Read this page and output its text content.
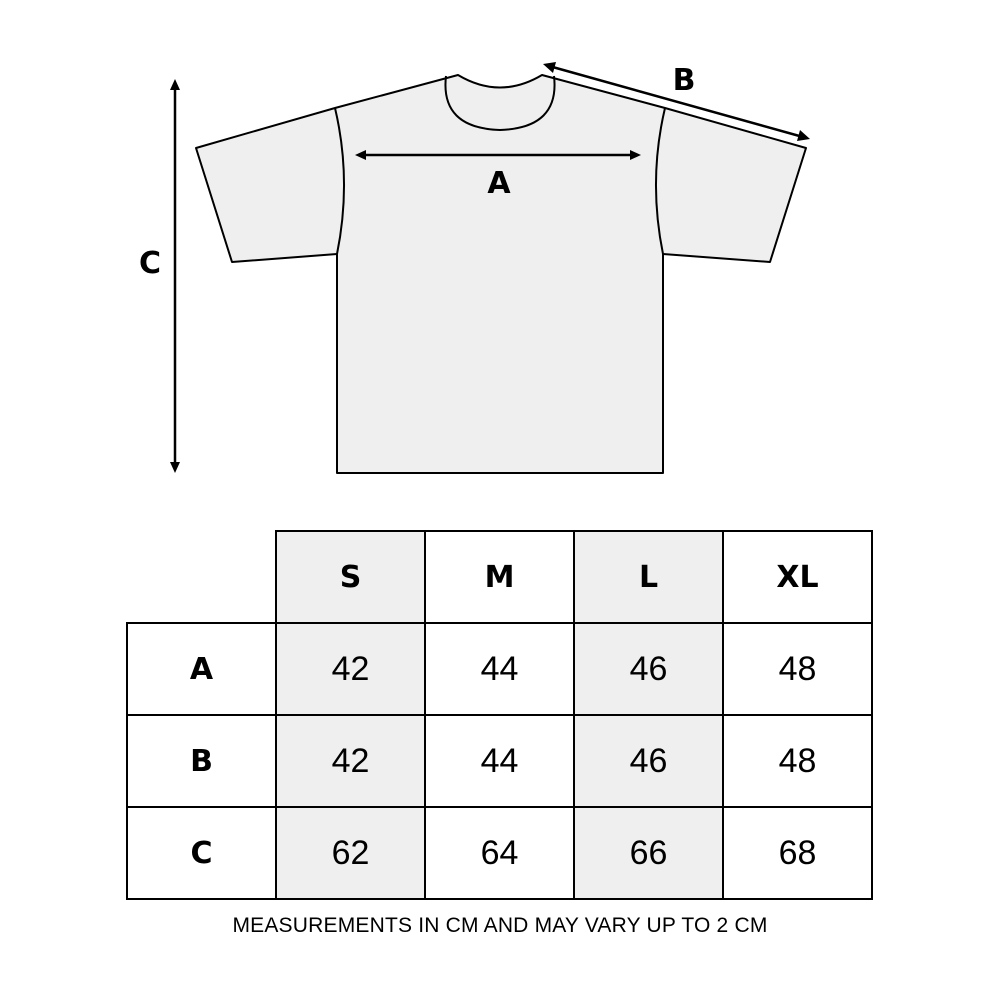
A
B
C
	S	M	L	XL
A	42	44	46	48
B	42	44	46	48
C	62	64	66	68
MEASUREMENTS IN CM AND MAY VARY UP TO 2 CM
